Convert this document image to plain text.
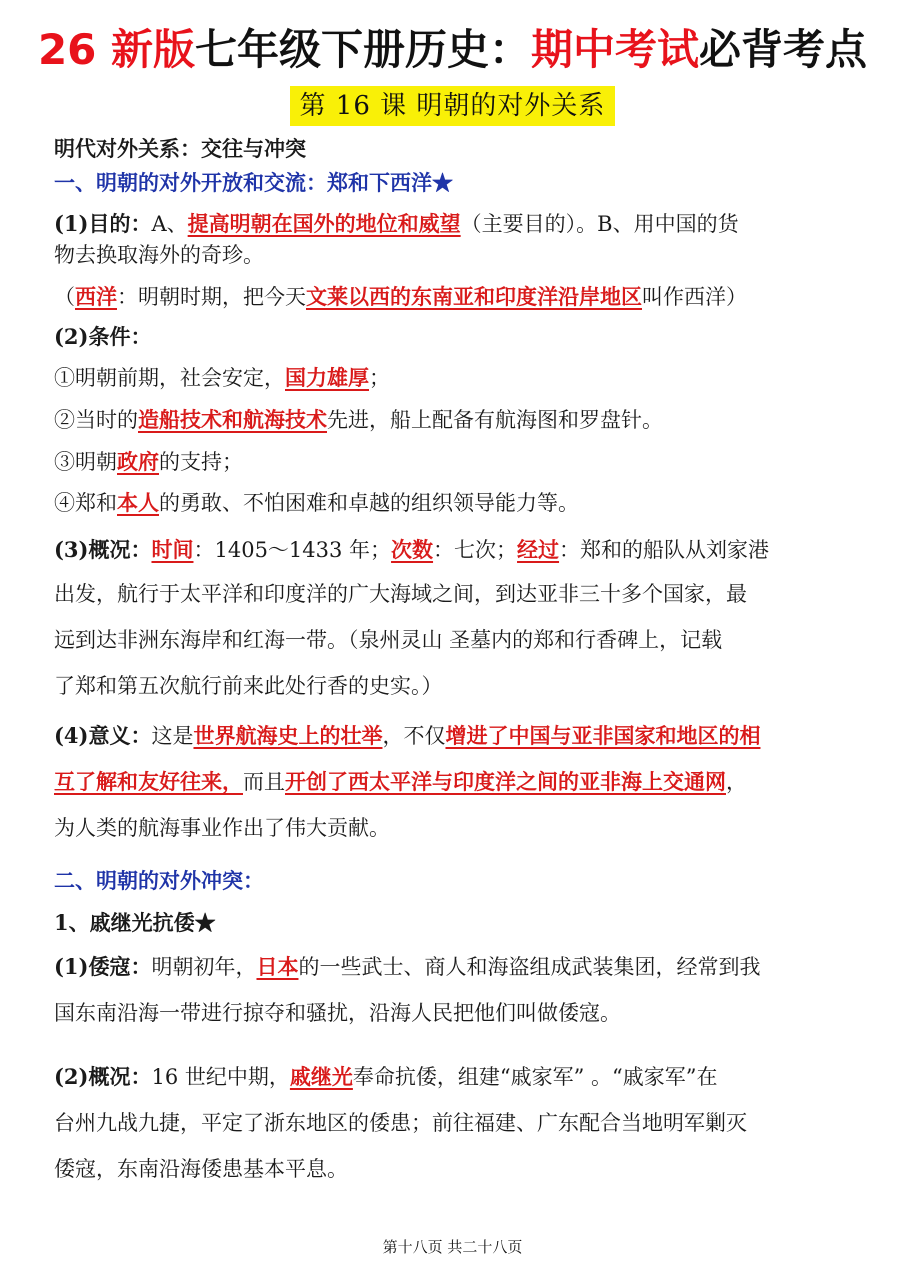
26 新版七年级下册历史：期中考试必背考点
第 16 课 明朝的对外关系
明代对外关系：交往与冲突
一、明朝的对外开放和交流：郑和下西洋★
(1)目的：A、提高明朝在国外的地位和威望（主要目的）。B、用中国的货
物去换取海外的奇珍。
（西洋：明朝时期，把今天文莱以西的东南亚和印度洋沿岸地区叫作西洋）
(2)条件：
①明朝前期，社会安定，国力雄厚；
②当时的造船技术和航海技术先进，船上配备有航海图和罗盘针。
③明朝政府的支持；
④郑和本人的勇敢、不怕困难和卓越的组织领导能力等。
(3)概况：时间：1405～1433 年；次数：七次；经过：郑和的船队从刘家港
出发，航行于太平洋和印度洋的广大海域之间，到达亚非三十多个国家，最
远到达非洲东海岸和红海一带。（泉州灵山 圣墓内的郑和行香碑上，记载
了郑和第五次航行前来此处行香的史实。）
(4)意义：这是世界航海史上的壮举，不仅增进了中国与亚非国家和地区的相
互了解和友好往来，而且开创了西太平洋与印度洋之间的亚非海上交通网，
为人类的航海事业作出了伟大贡献。
二、明朝的对外冲突：
1、戚继光抗倭★
(1)倭寇：明朝初年，日本的一些武士、商人和海盗组成武装集团，经常到我
国东南沿海一带进行掠夺和骚扰，沿海人民把他们叫做倭寇。
(2)概况：16 世纪中期，戚继光奉命抗倭，组建“戚家军” 。“戚家军”在
台州九战九捷，平定了浙东地区的倭患；前往福建、广东配合当地明军剿灭
倭寇，东南沿海倭患基本平息。
第十八页 共二十八页
